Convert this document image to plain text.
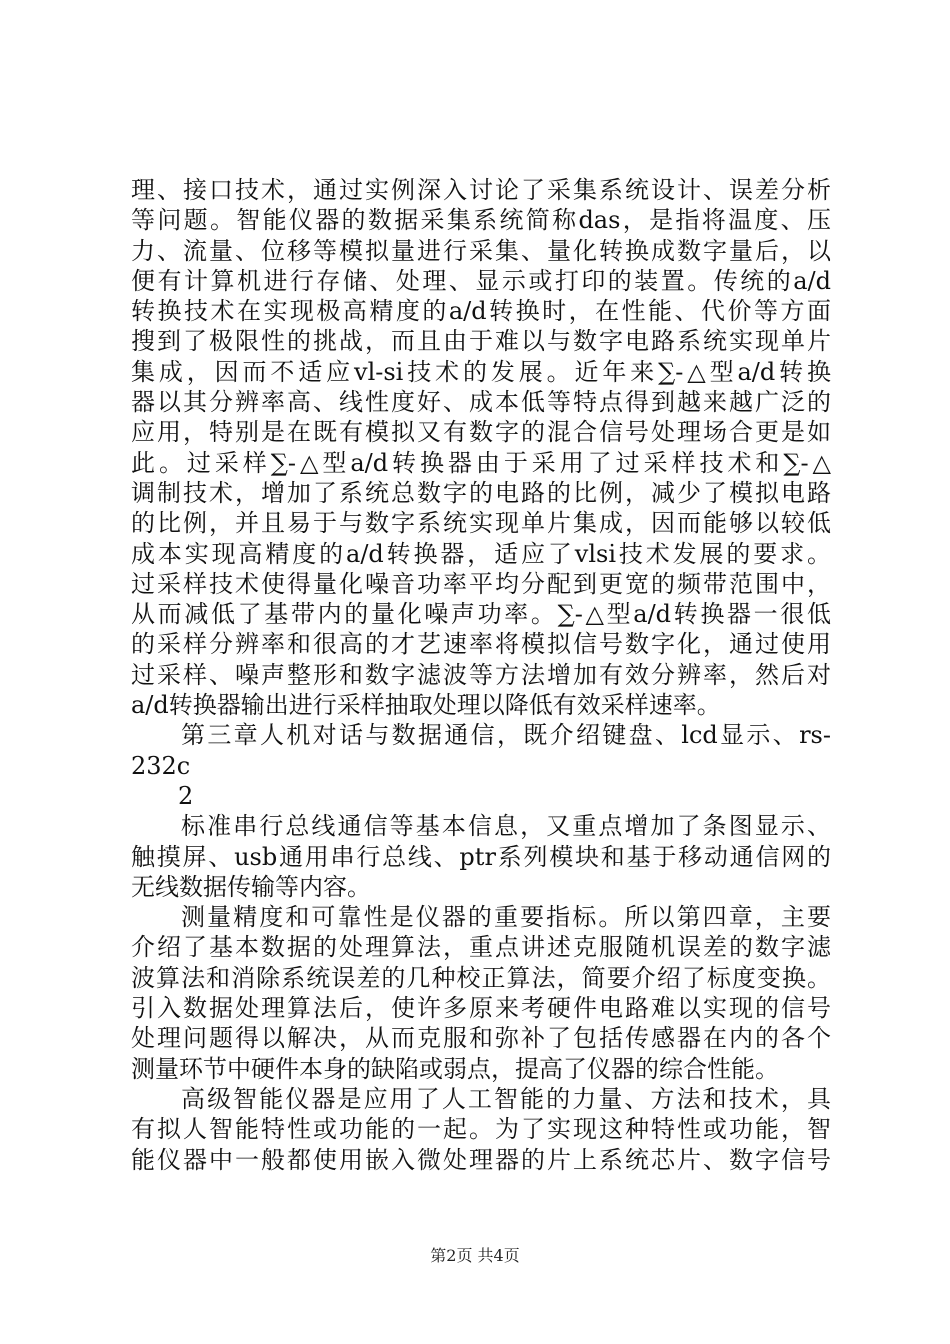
理、接口技术，通过实例深入讨论了采集系统设计、误差分析
等问题。智能仪器的数据采集系统简称das，是指将温度、压
力、流量、位移等模拟量进行采集、量化转换成数字量后，以
便有计算机进行存储、处理、显示或打印的装置。传统的a/d
转换技术在实现极高精度的a/d转换时，在性能、代价等方面
搜到了极限性的挑战，而且由于难以与数字电路系统实现单片
集成，因而不适应vl-si技术的发展。近年来∑-△型a/d转换
器以其分辨率高、线性度好、成本低等特点得到越来越广泛的
应用，特别是在既有模拟又有数字的混合信号处理场合更是如
此。过采样∑-△型a/d转换器由于采用了过采样技术和∑-△
调制技术，增加了系统总数字的电路的比例，减少了模拟电路
的比例，并且易于与数字系统实现单片集成，因而能够以较低
成本实现高精度的a/d转换器，适应了vlsi技术发展的要求。
过采样技术使得量化噪音功率平均分配到更宽的频带范围中，
从而减低了基带内的量化噪声功率。∑-△型a/d转换器一很低
的采样分辨率和很高的才艺速率将模拟信号数字化，通过使用
过采样、噪声整形和数字滤波等方法增加有效分辨率，然后对
a/d转换器输出进行采样抽取处理以降低有效采样速率。
第三章人机对话与数据通信，既介绍键盘、lcd显示、rs-
232c
2
标准串行总线通信等基本信息，又重点增加了条图显示、
触摸屏、usb通用串行总线、ptr系列模块和基于移动通信网的
无线数据传输等内容。
测量精度和可靠性是仪器的重要指标。所以第四章，主要
介绍了基本数据的处理算法，重点讲述克服随机误差的数字滤
波算法和消除系统误差的几种校正算法，简要介绍了标度变换。
引入数据处理算法后，使许多原来考硬件电路难以实现的信号
处理问题得以解决，从而克服和弥补了包括传感器在内的各个
测量环节中硬件本身的缺陷或弱点，提高了仪器的综合性能。
高级智能仪器是应用了人工智能的力量、方法和技术，具
有拟人智能特性或功能的一起。为了实现这种特性或功能，智
能仪器中一般都使用嵌入微处理器的片上系统芯片、数字信号
第2页 共4页
